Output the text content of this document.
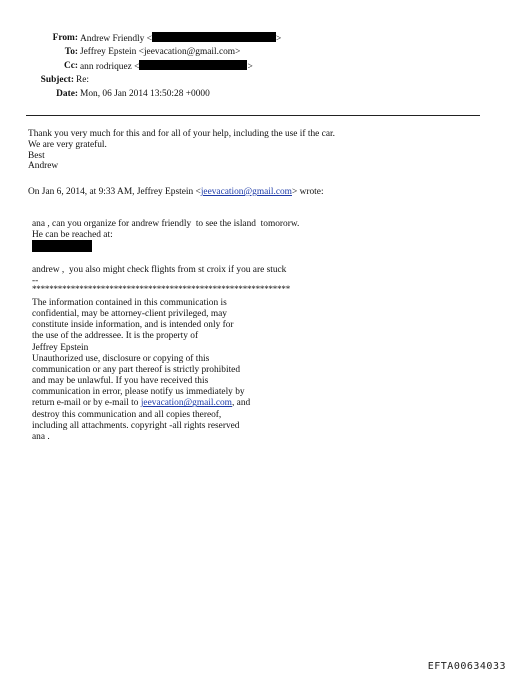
From: Andrew Friendly <	>
To: Jeffrey Epstein <jeevacation@gmail.com>
Cc: ann rodriquez <	>
Subject: Re:
Date: Mon, 06 Jan 2014 13:50:28 +0000
Thank you very much for this and for all of your help, including the use if the car.
We are very grateful.
Best
Andrew
On Jan 6, 2014, at 9:33 AM, Jeffrey Epstein <jeevacation@gmail.com> wrote:
ana , can you organize for andrew friendly  to see the island  tomororw.
He can be reached at:
andrew ,  you also might check flights from st croix if you are stuck
--
************************************************************
The information contained in this communication is
confidential, may be attorney-client privileged, may
constitute inside information, and is intended only for
the use of the addressee. It is the property of
Jeffrey Epstein
Unauthorized use, disclosure or copying of this
communication or any part thereof is strictly prohibited
and may be unlawful. If you have received this
communication in error, please notify us immediately by
return e-mail or by e-mail to jeevacation@gmail.com, and
destroy this communication and all copies thereof,
including all attachments. copyright -all rights reserved
ana .
EFTA00634033
